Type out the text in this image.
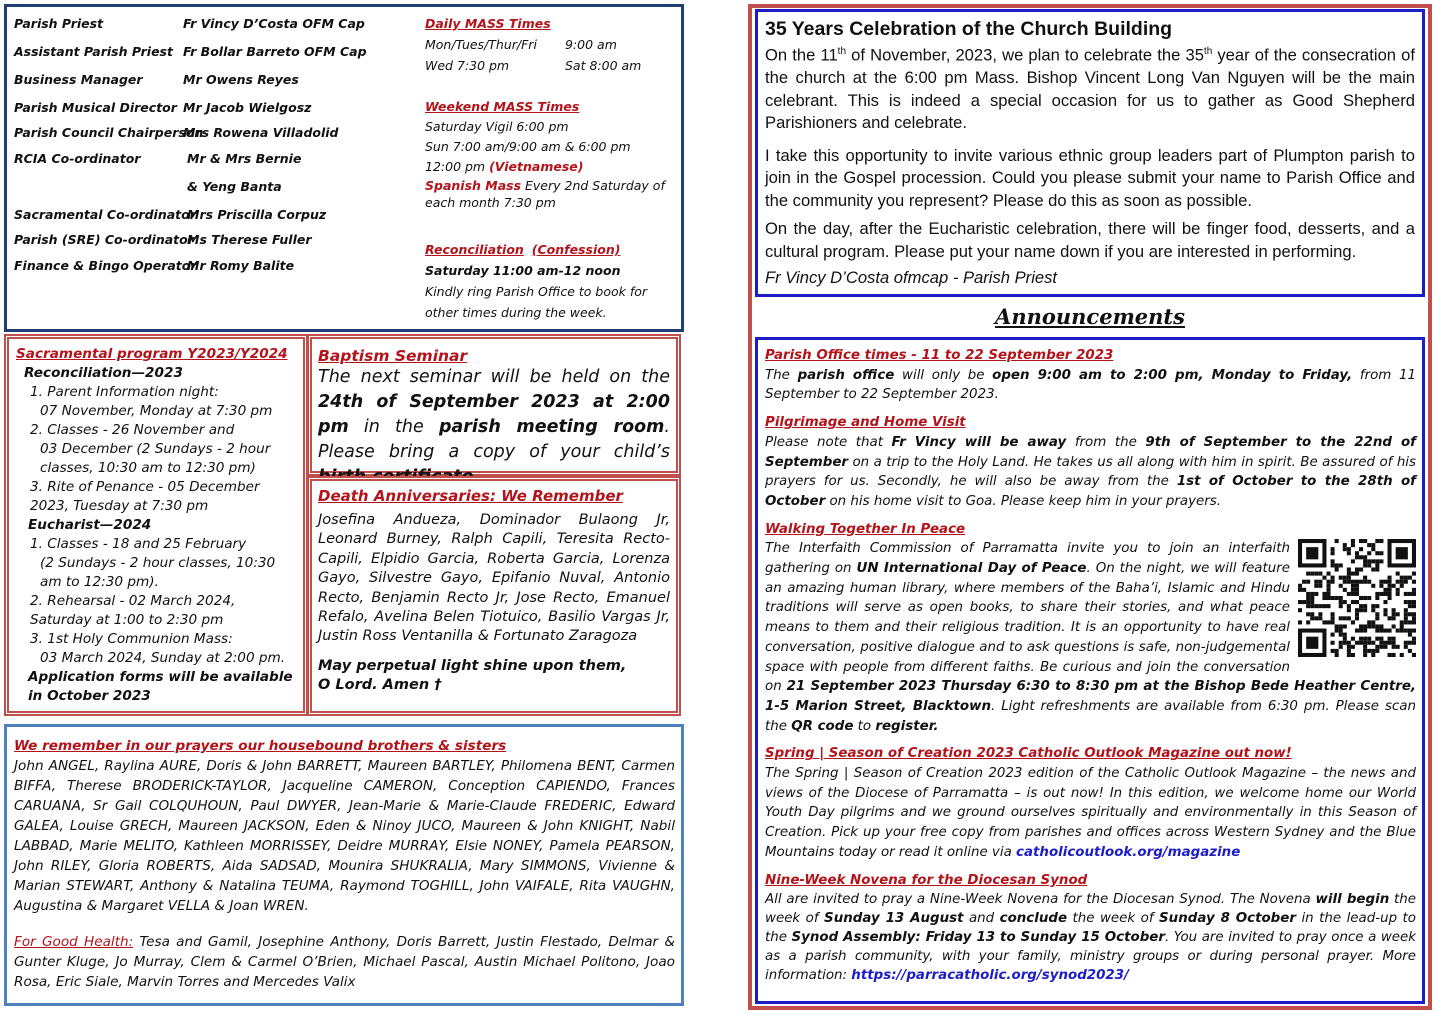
Parish Priest	Fr Vincy D’Costa OFM Cap
Assistant Parish Priest Fr Bollar Barreto OFM Cap
Business Manager	Mr Owens Reyes
Parish Musical Director Mr Jacob Wielgosz
Parish Council Chairperson
Mrs Rowena Villadolid
RCIA Co-ordinator	Mr & Mrs Bernie
& Yeng Banta
Sacramental Co-ordinator
Mrs Priscilla Corpuz
Parish (SRE) Co-ordinator
Ms Therese Fuller
Finance & Bingo Operator
Mr Romy Balite
Daily MASS Times
Mon/Tues/Thur/Fri 9:00 am
Wed 7:30 pm	Sat 8:00 am
Weekend MASS Times
Saturday Vigil 6:00 pm
Sun 7:00 am/9:00 am & 6:00 pm
12:00 pm (Vietnamese)
Spanish Mass Every 2nd Saturday of each month 7:30 pm
Reconciliation (Confession)
Saturday 11:00 am-12 noon
Kindly ring Parish Office to book for other times during the week.
Sacramental program Y2023/Y2024
Reconciliation—2023
1. Parent Information night:
07 November, Monday at 7:30 pm
2. Classes - 26 November and
03 December (2 Sundays - 2 hour classes, 10:30 am to 12:30 pm)
3. Rite of Penance - 05 December 2023, Tuesday at 7:30 pm
Eucharist—2024
1. Classes - 18 and 25 February
(2 Sundays - 2 hour classes, 10:30 am to 12:30 pm).
2. Rehearsal - 02 March 2024, Saturday at 1:00 to 2:30 pm
3. 1st Holy Communion Mass:
03 March 2024, Sunday at 2:00 pm.
Application forms will be available in October 2023
Baptism Seminar
The next seminar will be held on the 24th of September 2023 at 2:00 pm in the parish meeting room. Please bring a copy of your child’s
Death Anniversaries: We Remember
Josefina Andueza, Dominador Bulaong Jr, Leonard Burney, Ralph Capili, Teresita Recto-Capili, Elpidio Garcia, Roberta Garcia, Lorenza Gayo, Silvestre Gayo, Epifanio Nuval, Antonio Recto, Benjamin Recto Jr, Jose Recto, Emanuel Refalo, Avelina Belen Tiotuico, Basilio Vargas Jr, Justin Ross Ventanilla & Fortunato Zaragoza
May perpetual light shine upon them,
O Lord. Amen †
We remember in our prayers our housebound brothers & sisters
John ANGEL, Raylina AURE, Doris & John BARRETT, Maureen BARTLEY, Philomena BENT, Carmen BIFFA, Therese BRODERICK-TAYLOR, Jacqueline CAMERON, Conception CAPIENDO, Frances CARUANA, Sr Gail COLQUHOUN, Paul DWYER, Jean-Marie & Marie-Claude FREDERIC, Edward GALEA, Louise GRECH, Maureen JACKSON, Eden & Ninoy JUCO, Maureen & John KNIGHT, Nabil LABBAD, Marie MELITO, Kathleen MORRISSEY, Deidre MURRAY, Elsie NONEY, Pamela PEARSON, John RILEY, Gloria ROBERTS, Aida SADSAD, Mounira SHUKRALIA, Mary SIMMONS, Vivienne & Marian STEWART, Anthony & Natalina TEUMA, Raymond TOGHILL, John VAIFALE, Rita VAUGHN, Augustina & Margaret VELLA & Joan WREN.
For Good Health: Tesa and Gamil, Josephine Anthony, Doris Barrett, Justin Flestado, Delmar & Gunter Kluge, Jo Murray, Clem & Carmel O’Brien, Michael Pascal, Austin Michael Politono, Joao Rosa, Eric Siale, Marvin Torres and Mercedes Valix
35 Years Celebration of the Church Building

On the 11th of November, 2023, we plan to celebrate the 35th year of the consecration of the church at the 6:00 pm Mass. Bishop Vincent Long Van Nguyen will be the main celebrant. This is indeed a special occasion for us to gather as Good Shepherd Parishioners and celebrate.

I take this opportunity to invite various ethnic group leaders part of Plumpton parish to join in the Gospel procession. Could you please submit your name to Parish Office and the community you represent? Please do this as soon as possible.

On the day, after the Eucharistic celebration, there will be finger food, desserts, and a cultural program. Please put your name down if you are interested in performing.

Fr Vincy D’Costa ofmcap - Parish Priest

Announcements
Parish Office times - 11 to 22 September 2023
The parish office will only be open 9:00 am to 2:00 pm, Monday to Friday, from 11 September to 22 September 2023.
Pilgrimage and Home Visit
Please note that Fr Vincy will be away from the 9th of September to the 22nd of September on a trip to the Holy Land. He takes us all along with him in spirit. Be assured of his prayers for us. Secondly, he will also be away from the 1st of October to the 28th of October on his home visit to Goa. Please keep him in your prayers.
Walking Together In Peace
The Interfaith Commission of Parramatta invite you to join an interfaith gathering on UN International Day of Peace. On the night, we will feature an amazing human library, where members of the Baha’i, Islamic and Hindu traditions will serve as open books, to share their stories, and what peace means to them and their religious tradition. It is an opportunity to have real conversation, positive dialogue and to ask questions is safe, non-judgemental space with people from different faiths. Be curious and join the conversation on 21 September 2023 Thursday 6:30 to 8:30 pm at the Bishop Bede Heather Centre, 1-5 Marion Street, Blacktown. Light refreshments are available from 6:30 pm. Please scan the QR code to register.
Spring | Season of Creation 2023 Catholic Outlook Magazine out now!
The Spring | Season of Creation 2023 edition of the Catholic Outlook Magazine – the news and views of the Diocese of Parramatta – is out now! In this edition, we welcome home our World Youth Day pilgrims and we ground ourselves spiritually and environmentally in this Season of Creation. Pick up your free copy from parishes and offices across Western Sydney and the Blue Mountains today or read it online via catholicoutlook.org/magazine
Nine-Week Novena for the Diocesan Synod
All are invited to pray a Nine-Week Novena for the Diocesan Synod. The Novena will begin the week of Sunday 13 August and conclude the week of Sunday 8 October in the lead-up to the Synod Assembly: Friday 13 to Sunday 15 October. You are invited to pray once a week as a parish community, with your family, ministry groups or during personal prayer. More information: https://parracatholic.org/synod2023/
